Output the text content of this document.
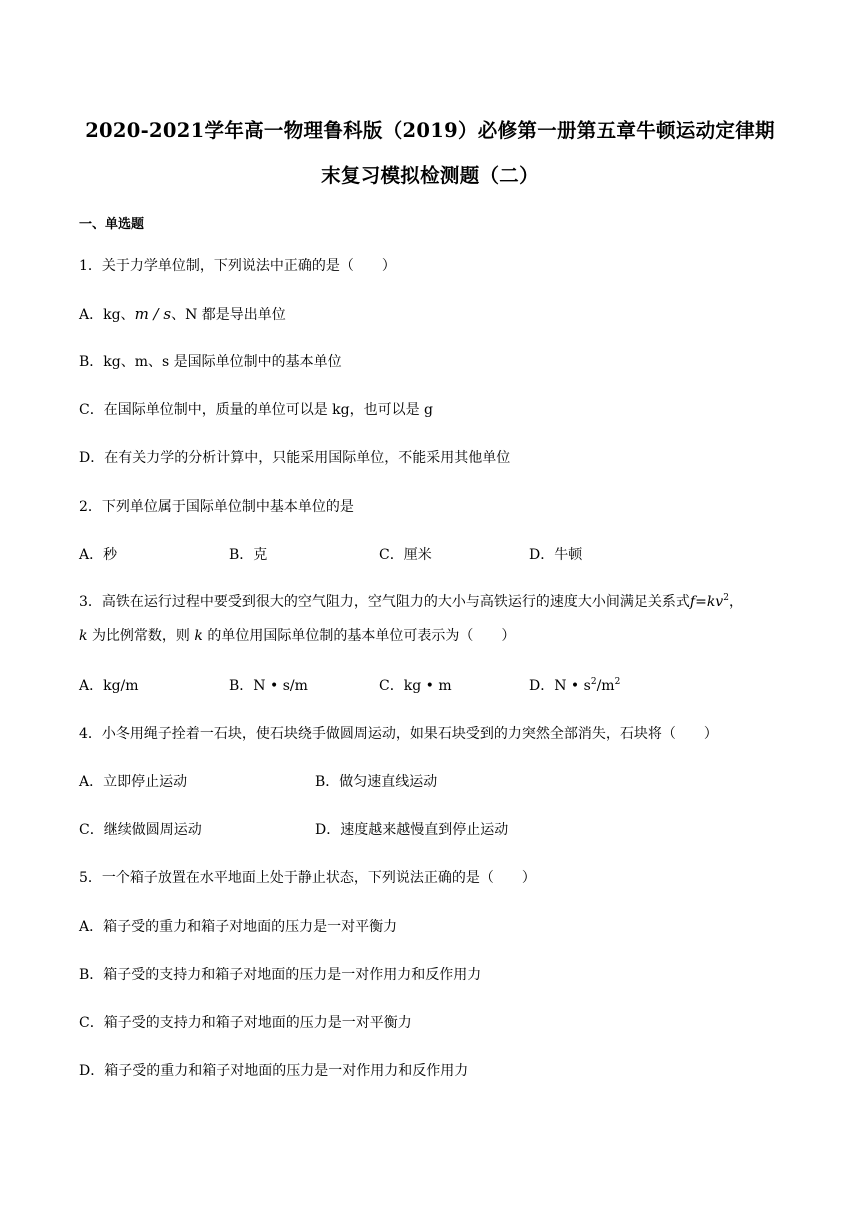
2020-2021学年高一物理鲁科版（2019）必修第一册第五章牛顿运动定律期
末复习模拟检测题（二）
一、单选题
1．关于力学单位制，下列说法中正确的是（　　）
A．kg、m / s、N 都是导出单位
B．kg、m、s 是国际单位制中的基本单位
C．在国际单位制中，质量的单位可以是 kg，也可以是 g
D．在有关力学的分析计算中，只能采用国际单位，不能采用其他单位
2．下列单位属于国际单位制中基本单位的是
A．秒	B．克	C．厘米	D．牛顿
3．高铁在运行过程中要受到很大的空气阻力，空气阻力的大小与高铁运行的速度大小间满足关系式$f=kv^2$，
k 为比例常数，则 k 的单位用国际单位制的基本单位可表示为（　　）
A．kg/m	B．N • s/m	C．kg • m	D．N • $s^2/m^2$
4．小冬用绳子拴着一石块，使石块绕手做圆周运动，如果石块受到的力突然全部消失，石块将（　　）
A．立即停止运动	B．做匀速直线运动
C．继续做圆周运动	D．速度越来越慢直到停止运动
5．一个箱子放置在水平地面上处于静止状态，下列说法正确的是（　　）
A．箱子受的重力和箱子对地面的压力是一对平衡力
B．箱子受的支持力和箱子对地面的压力是一对作用力和反作用力
C．箱子受的支持力和箱子对地面的压力是一对平衡力
D．箱子受的重力和箱子对地面的压力是一对作用力和反作用力
